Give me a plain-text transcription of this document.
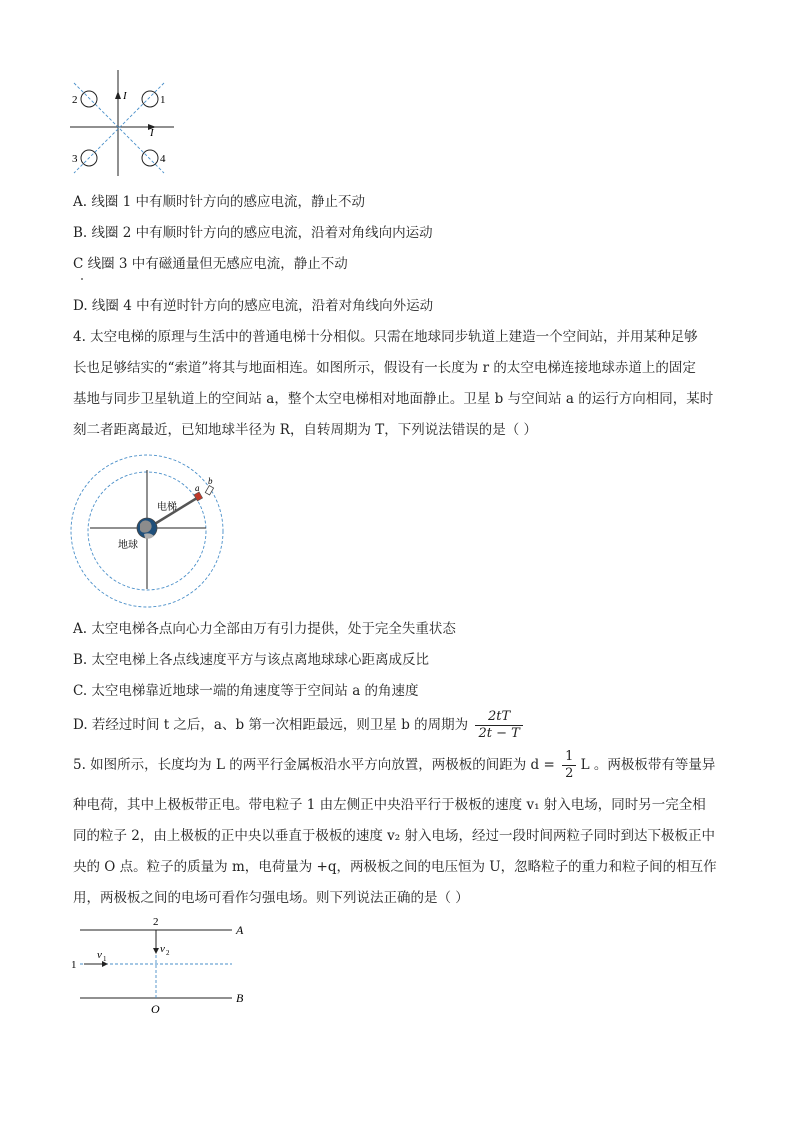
2	1
3	4
I
I
A. 线圈 1 中有顺时针方向的感应电流，静止不动
B. 线圈 2 中有顺时针方向的感应电流，沿着对角线向内运动
C 线圈 3 中有磁通量但无感应电流，静止不动
D. 线圈 4 中有逆时针方向的感应电流，沿着对角线向外运动
4. 太空电梯的原理与生活中的普通电梯十分相似。只需在地球同步轨道上建造一个空间站，并用某种足够
长也足够结实的“索道”将其与地面相连。如图所示，假设有一长度为 r 的太空电梯连接地球赤道上的固定
基地与同步卫星轨道上的空间站 a，整个太空电梯相对地面静止。卫星 b 与空间站 a 的运行方向相同，某时
刻二者距离最近，已知地球半径为 R，自转周期为 T，下列说法错误的是（ ）
电梯
地球
a
b
A. 太空电梯各点向心力全部由万有引力提供，处于完全失重状态
B. 太空电梯上各点线速度平方与该点离地球球心距离成反比
C. 太空电梯靠近地球一端的角速度等于空间站 a 的角速度
D. 若经过时间 t 之后，a、b 第一次相距最远，则卫星 b 的周期为 $\frac{2tT}{2t - T}$
5. 如图所示，长度均为 L 的两平行金属板沿水平方向放置，两极板的间距为 $d = \frac{1}{2}$ L 。两极板带有等量异
种电荷，其中上极板带正电。带电粒子 1 由左侧正中央沿平行于极板的速度 v₁ 射入电场，同时另一完全相
同的粒子 2，由上极板的正中央以垂直于极板的速度 v₂ 射入电场，经过一段时间两粒子同时到达下极板正中
央的 O 点。粒子的质量为 m，电荷量为 +q，两极板之间的电压恒为 U，忽略粒子的重力和粒子间的相互作
用，两极板之间的电场可看作匀强电场。则下列说法正确的是（ ）
2
1
v 1
v 2
A
B
O
